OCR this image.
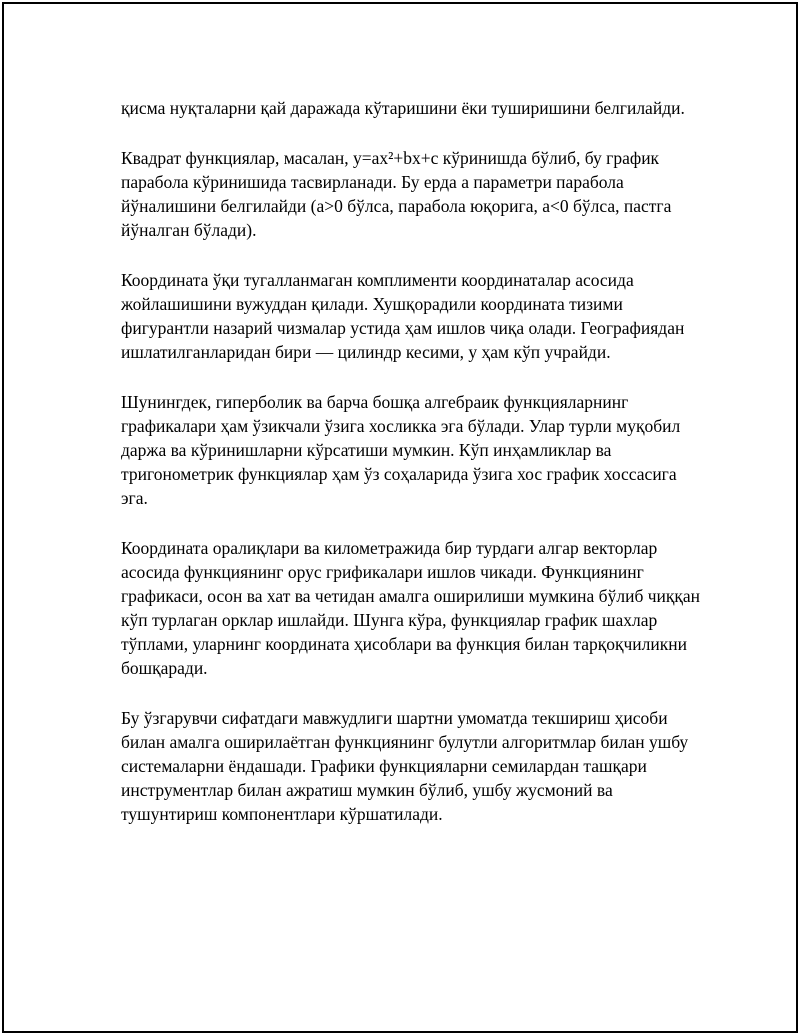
қисма нуқталарни қай даражада кўтаришини ёки туширишини белгилайди.

Квадрат функциялар, масалан, y=ax²+bx+c кўринишда бўлиб, бу график парабола кўринишида тасвирланади. Бу ерда a параметри парабола йўналишини белгилайди (a>0 бўлса, парабола юқорига, a<0 бўлса, пастга йўналган бўлади).

Координата ўқи тугалланмаган комплименти координаталар асосида жойлашишини вужуддан қилади. Хушқорадили координата тизими фигурантли назарий чизмалар устида ҳам ишлов чиқа олади. Географиядан ишлатилганларидан бири — цилиндр кесими, у ҳам кўп учрайди.

Шунингдек, гиперболик ва барча бошқа алгебраик функцияларнинг графикалари ҳам ўзикчали ўзига хосликка эга бўлади. Улар турли муқобил даржа ва кўринишларни кўрсатиши мумкин. Кўп инҳамликлар ва тригонометрик функциялар ҳам ўз соҳаларида ўзига хос график хоссасига эга.

Координата оралиқлари ва километражида бир турдаги алгар векторлар асосида функциянинг орус грификалари ишлов чикади. Функциянинг графикаси, осон ва хат ва четидан амалга оширилиши мумкина бўлиб чиққан кўп турлаган орклар ишлайди. Шунга кўра, функциялар график шахлар тўплами, уларнинг координата ҳисоблари ва функция билан тарқоқчиликни бошқаради.

Бу ўзгарувчи сифатдаги мавжудлиги шартни умоматда текшириш ҳисоби билан амалга оширилаётган функциянинг булутли алгоритмлар билан ушбу системаларни ёндашади. Графики функцияларни семилардан ташқари инструментлар билан ажратиш мумкин бўлиб, ушбу жусмоний ва тушунтириш компонентлари кўршатилади.
